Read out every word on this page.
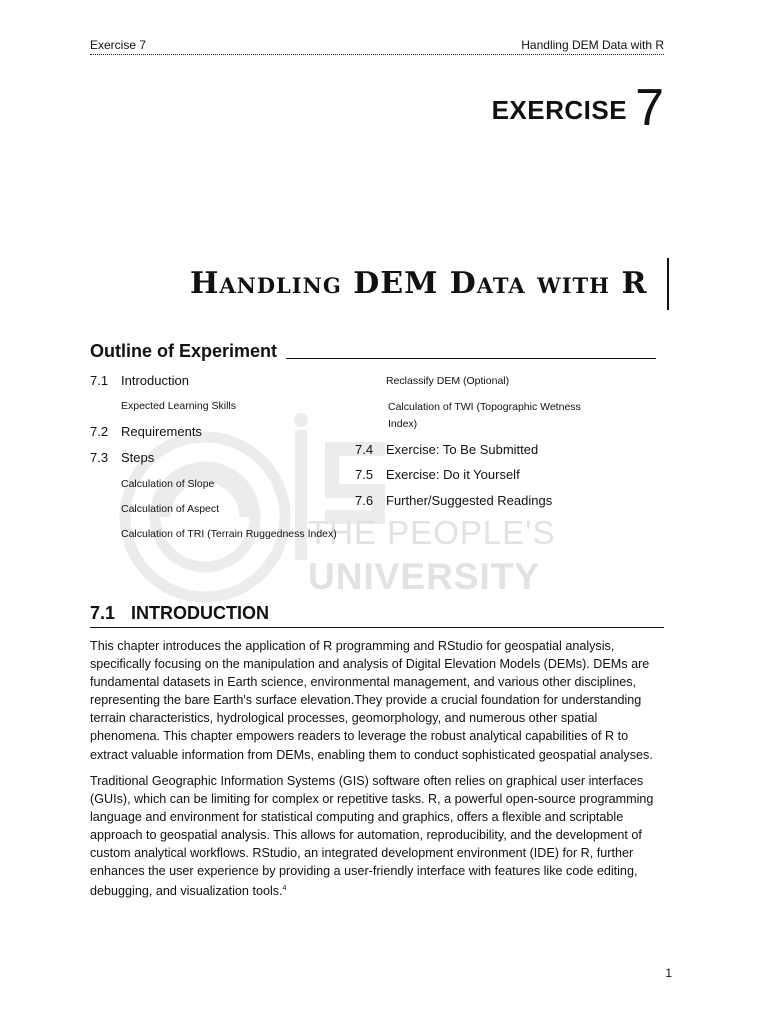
Exercise 7	Handling DEM Data with R
EXERCISE 7
Handling DEM Data with R
THE PEOPLE'S
UNIVERSITY
Outline of Experiment
7.1 Introduction
Expected Learning Skills
7.2 Requirements
7.3 Steps
Calculation of Slope
Calculation of Aspect
Calculation of TRI (Terrain Ruggedness Index)
Reclassify DEM (Optional)
Calculation of TWI (Topographic Wetness
Index)
7.4 Exercise: To Be Submitted
7.5 Exercise: Do it Yourself
7.6 Further/Suggested Readings
7.1 INTRODUCTION

This chapter introduces the application of R programming and RStudio for geospatial analysis, specifically focusing on the manipulation and analysis of Digital Elevation Models (DEMs). DEMs are fundamental datasets in Earth science, environmental management, and various other disciplines, representing the bare Earth's surface elevation.They provide a crucial foundation for understanding terrain characteristics, hydrological processes, geomorphology, and numerous other spatial phenomena. This chapter empowers readers to leverage the robust analytical capabilities of R to extract valuable information from DEMs, enabling them to conduct sophisticated geospatial analyses.

Traditional Geographic Information Systems (GIS) software often relies on graphical user interfaces (GUIs), which can be limiting for complex or repetitive tasks. R, a powerful open-source programming language and environment for statistical computing and graphics, offers a flexible and scriptable approach to geospatial analysis. This allows for automation, reproducibility, and the development of custom analytical workflows. RStudio, an integrated development environment (IDE) for R, further enhances the user experience by providing a user-friendly interface with features like code editing, debugging, and visualization tools.$^4$

1
